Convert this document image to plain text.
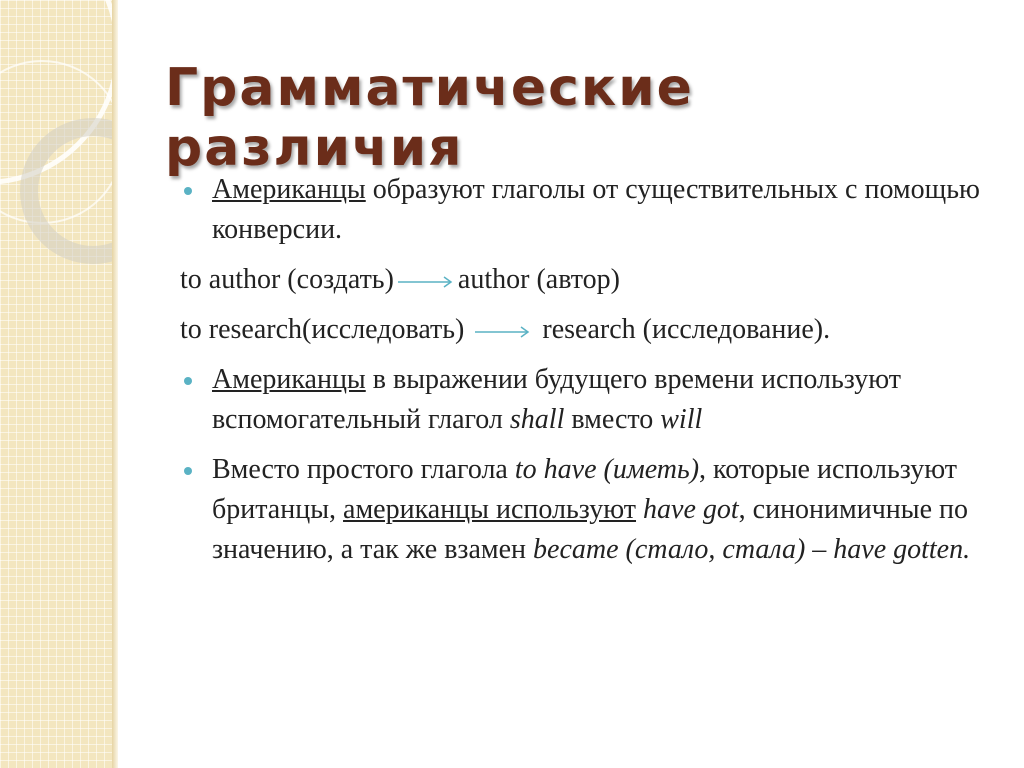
Грамматические различия
Американцы образуют глаголы от существительных с помощью конверсии.
to author (создать) author (автор)
to research(исследовать)  research (исследование).
Американцы в выражении будущего времени используют вспомогательный глагол shall вместо will
Вместо простого глагола to have (иметь), которые используют британцы, американцы используют have got, синонимичные по значению, а так же взамен became (стало, стала) – have gotten.
